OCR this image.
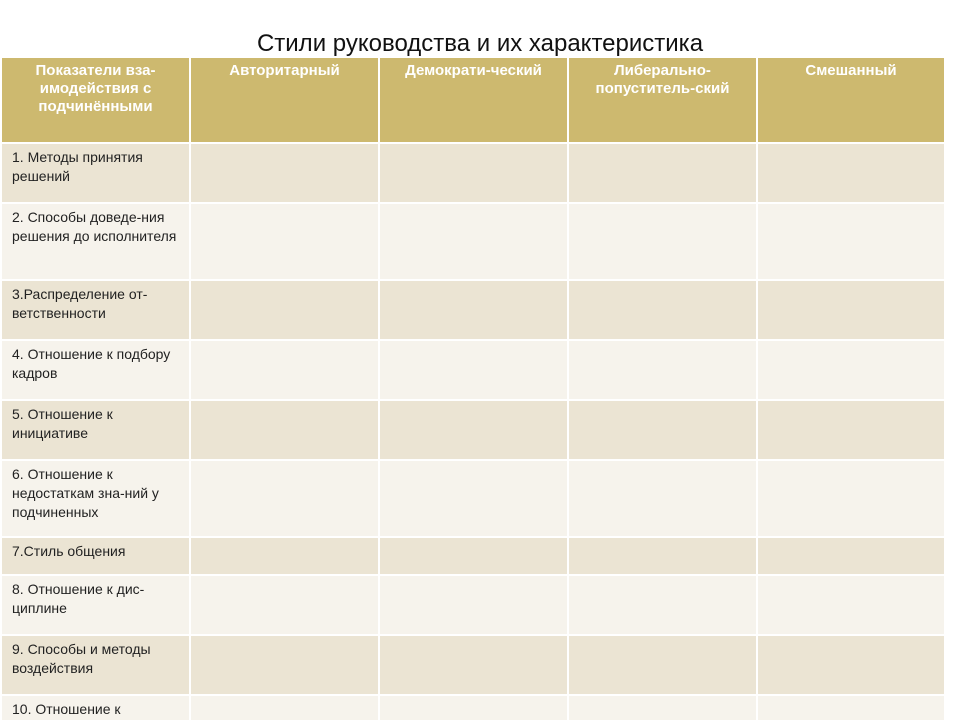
Стили руководства и их характеристика
Показатели вза-имодействия с подчинёнными	Авторитарный	Демократи-ческий	Либерально-попуститель-ский	Смешанный
1. Методы принятия решений				
2. Способы доведе-ния решения до исполнителя				
3.Распределение от-ветственности				
4. Отношение к подбору кадров				
5. Отношение к инициативе				
6. Отношение к недостаткам зна-ний у подчиненных				
7.Стиль общения				
8. Отношение к дис-циплине				
9. Способы и методы воздействия				
10. Отношение к				
